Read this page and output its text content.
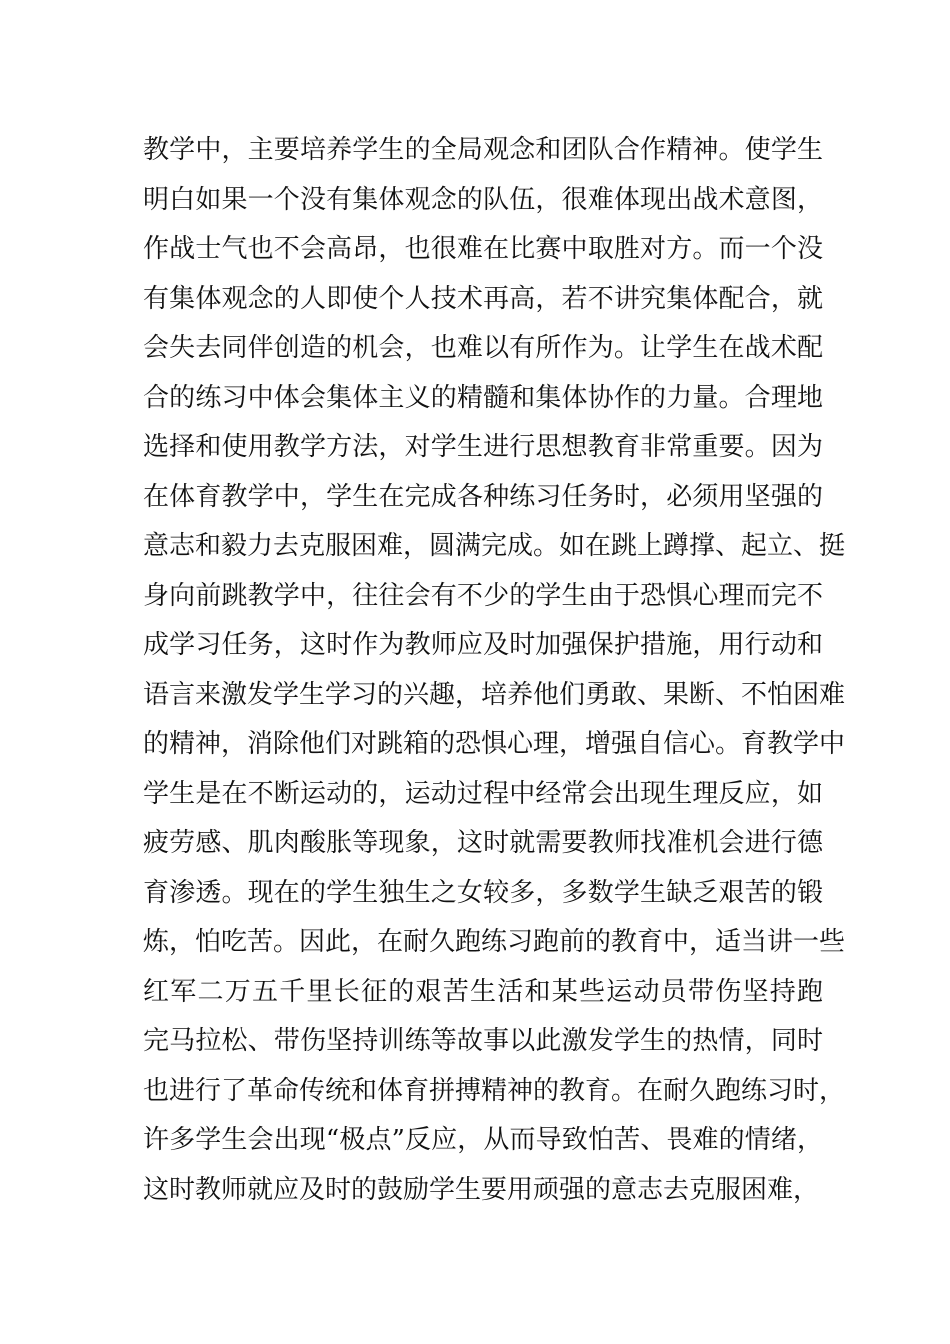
教学中，主要培养学生的全局观念和团队合作精神。使学生
明白如果一个没有集体观念的队伍，很难体现出战术意图，
作战士气也不会高昂，也很难在比赛中取胜对方。而一个没
有集体观念的人即使个人技术再高，若不讲究集体配合，就
会失去同伴创造的机会，也难以有所作为。让学生在战术配
合的练习中体会集体主义的精髓和集体协作的力量。合理地
选择和使用教学方法，对学生进行思想教育非常重要。因为
在体育教学中，学生在完成各种练习任务时，必须用坚强的
意志和毅力去克服困难，圆满完成。如在跳上蹲撑、起立、挺
身向前跳教学中，往往会有不少的学生由于恐惧心理而完不
成学习任务，这时作为教师应及时加强保护措施，用行动和
语言来激发学生学习的兴趣，培养他们勇敢、果断、不怕困难
的精神，消除他们对跳箱的恐惧心理，增强自信心。育教学中
学生是在不断运动的，运动过程中经常会出现生理反应，如
疲劳感、肌肉酸胀等现象，这时就需要教师找准机会进行德
育渗透。现在的学生独生之女较多，多数学生缺乏艰苦的锻
炼，怕吃苦。因此，在耐久跑练习跑前的教育中，适当讲一些
红军二万五千里长征的艰苦生活和某些运动员带伤坚持跑
完马拉松、带伤坚持训练等故事以此激发学生的热情，同时
也进行了革命传统和体育拼搏精神的教育。在耐久跑练习时，
许多学生会出现“极点”反应，从而导致怕苦、畏难的情绪，
这时教师就应及时的鼓励学生要用顽强的意志去克服困难，
